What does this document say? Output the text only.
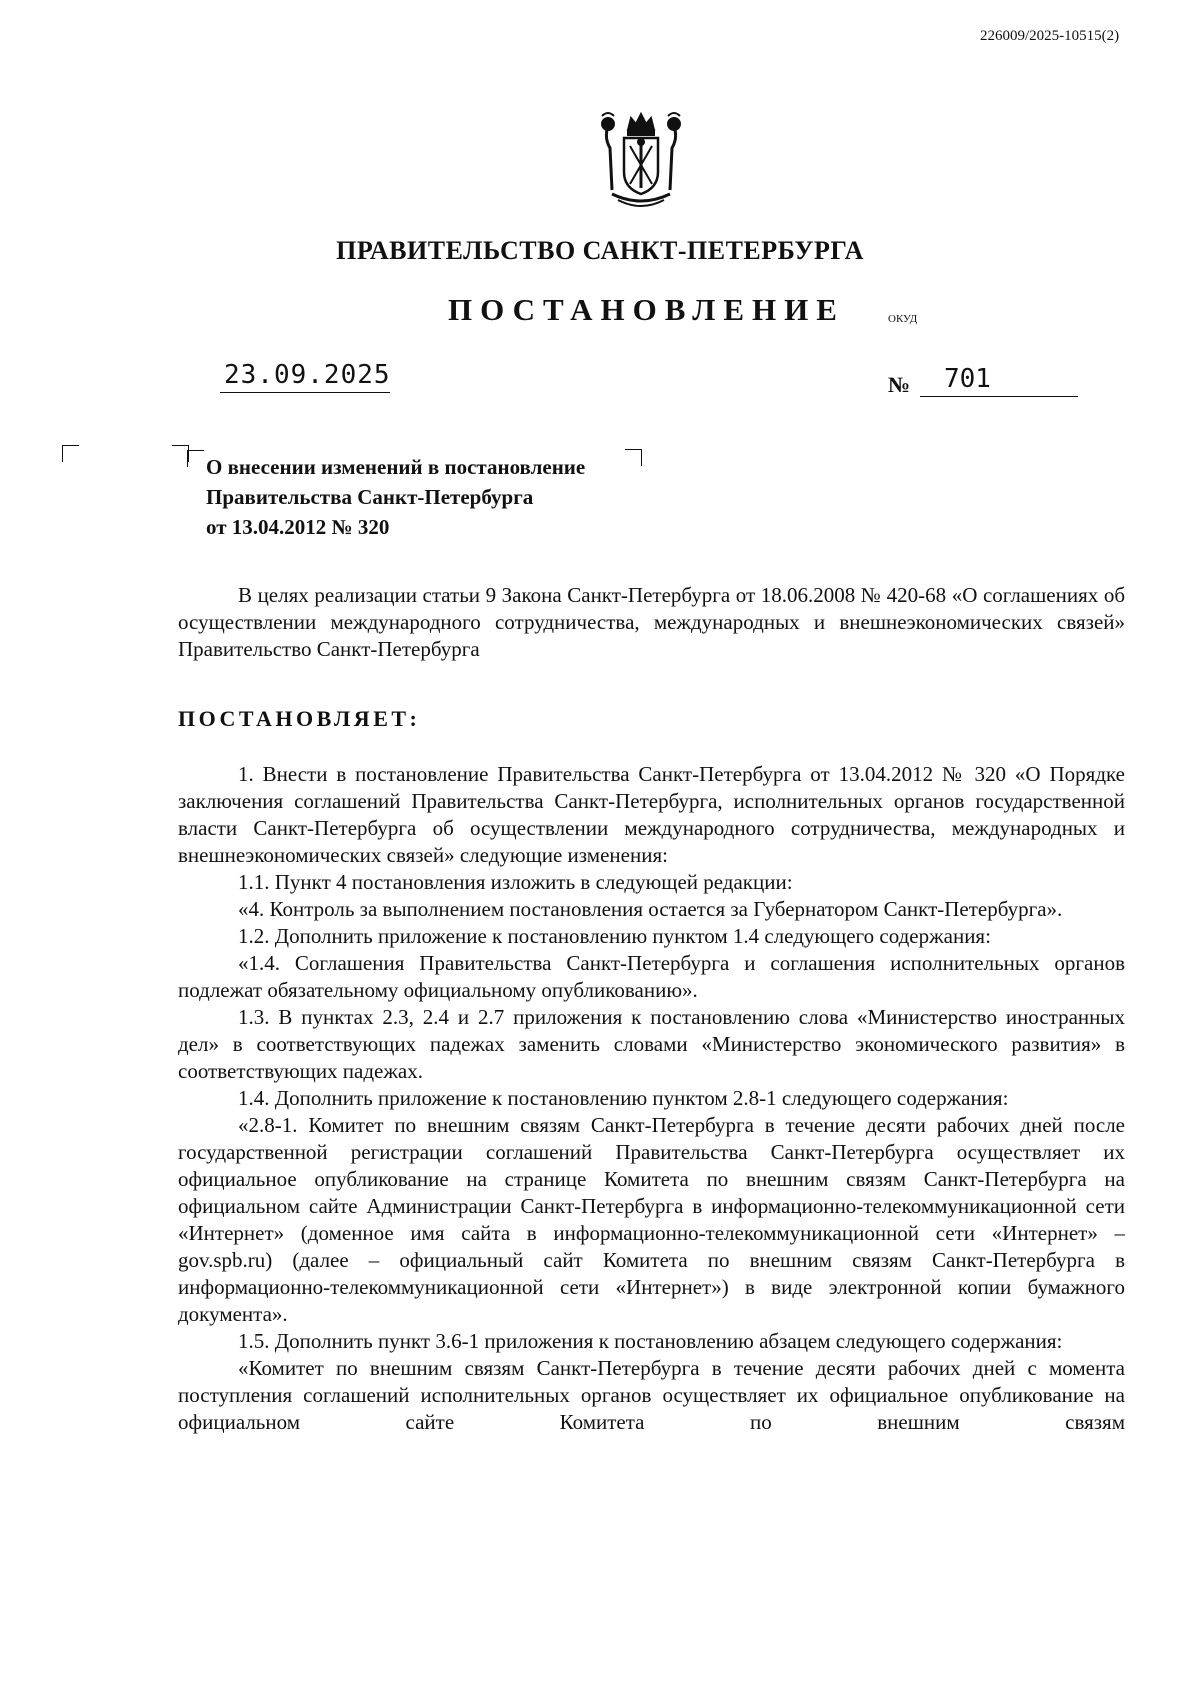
226009/2025-10515(2)
ПРАВИТЕЛЬСТВО САНКТ-ПЕТЕРБУРГА
ПОСТАНОВЛЕНИЕ	ОКУД
23.09.2025	№ 701
О внесении изменений в постановление
Правительства Санкт-Петербурга
от 13.04.2012 № 320

В целях реализации статьи 9 Закона Санкт-Петербурга от 18.06.2008 № 420-68 «О соглашениях об осуществлении международного сотрудничества, международных и внешнеэкономических связей» Правительство Санкт-Петербурга

ПОСТАНОВЛЯЕТ:

1. Внести в постановление Правительства Санкт-Петербурга от 13.04.2012 № 320 «О Порядке заключения соглашений Правительства Санкт-Петербурга, исполнительных органов государственной власти Санкт-Петербурга об осуществлении международного сотрудничества, международных и внешнеэкономических связей» следующие изменения:

1.1. Пункт 4 постановления изложить в следующей редакции:

«4. Контроль за выполнением постановления остается за Губернатором Санкт-Петербурга».

1.2. Дополнить приложение к постановлению пунктом 1.4 следующего содержания:

«1.4. Соглашения Правительства Санкт-Петербурга и соглашения исполнительных органов подлежат обязательному официальному опубликованию».

1.3. В пунктах 2.3, 2.4 и 2.7 приложения к постановлению слова «Министерство иностранных дел» в соответствующих падежах заменить словами «Министерство экономического развития» в соответствующих падежах.

1.4. Дополнить приложение к постановлению пунктом 2.8-1 следующего содержания:

«2.8-1. Комитет по внешним связям Санкт-Петербурга в течение десяти рабочих дней после государственной регистрации соглашений Правительства Санкт-Петербурга осуществляет их официальное опубликование на странице Комитета по внешним связям Санкт-Петербурга на официальном сайте Администрации Санкт-Петербурга в информационно-телекоммуникационной сети «Интернет» (доменное имя сайта в информационно-телекоммуникационной сети «Интернет» – gov.spb.ru) (далее – официальный сайт Комитета по внешним связям Санкт-Петербурга в информационно-телекоммуникационной сети «Интернет») в виде электронной копии бумажного документа».

1.5. Дополнить пункт 3.6-1 приложения к постановлению абзацем следующего содержания:

«Комитет по внешним связям Санкт-Петербурга в течение десяти рабочих дней с момента поступления соглашений исполнительных органов осуществляет их официальное опубликование на официальном сайте Комитета по внешним связям
